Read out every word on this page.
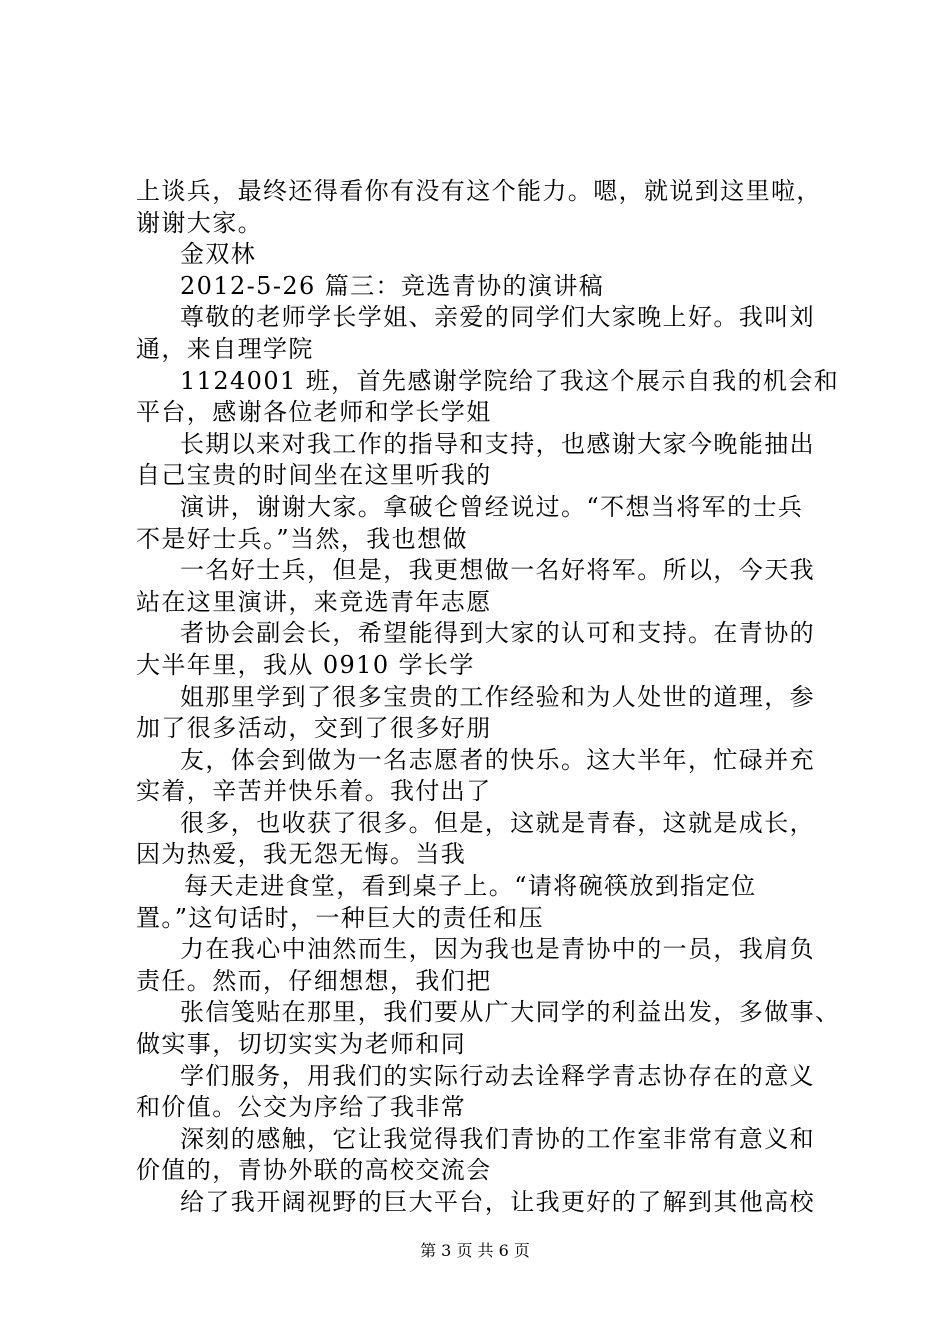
上谈兵，最终还得看你有没有这个能力。嗯，就说到这里啦，
谢谢大家。
金双林
2012-5-26 篇三：竞选青协的演讲稿
尊敬的老师学长学姐、亲爱的同学们大家晚上好。我叫刘
通，来自理学院
1124001 班，首先感谢学院给了我这个展示自我的机会和
平台，感谢各位老师和学长学姐
长期以来对我工作的指导和支持，也感谢大家今晚能抽出
自己宝贵的时间坐在这里听我的
演讲，谢谢大家。拿破仑曾经说过。“不想当将军的士兵
不是好士兵。”当然，我也想做
一名好士兵，但是，我更想做一名好将军。所以，今天我
站在这里演讲，来竞选青年志愿
者协会副会长，希望能得到大家的认可和支持。在青协的
大半年里，我从 0910 学长学
姐那里学到了很多宝贵的工作经验和为人处世的道理，参
加了很多活动，交到了很多好朋
友，体会到做为一名志愿者的快乐。这大半年，忙碌并充
实着，辛苦并快乐着。我付出了
很多，也收获了很多。但是，这就是青春，这就是成长，
因为热爱，我无怨无悔。当我
每天走进食堂，看到桌子上。“请将碗筷放到指定位
置。”这句话时，一种巨大的责任和压
力在我心中油然而生，因为我也是青协中的一员，我肩负
责任。然而，仔细想想，我们把
张信笺贴在那里，我们要从广大同学的利益出发，多做事、
做实事，切切实实为老师和同
学们服务，用我们的实际行动去诠释学青志协存在的意义
和价值。公交为序给了我非常
深刻的感触，它让我觉得我们青协的工作室非常有意义和
价值的，青协外联的高校交流会
给了我开阔视野的巨大平台，让我更好的了解到其他高校
第 3 页 共 6 页
